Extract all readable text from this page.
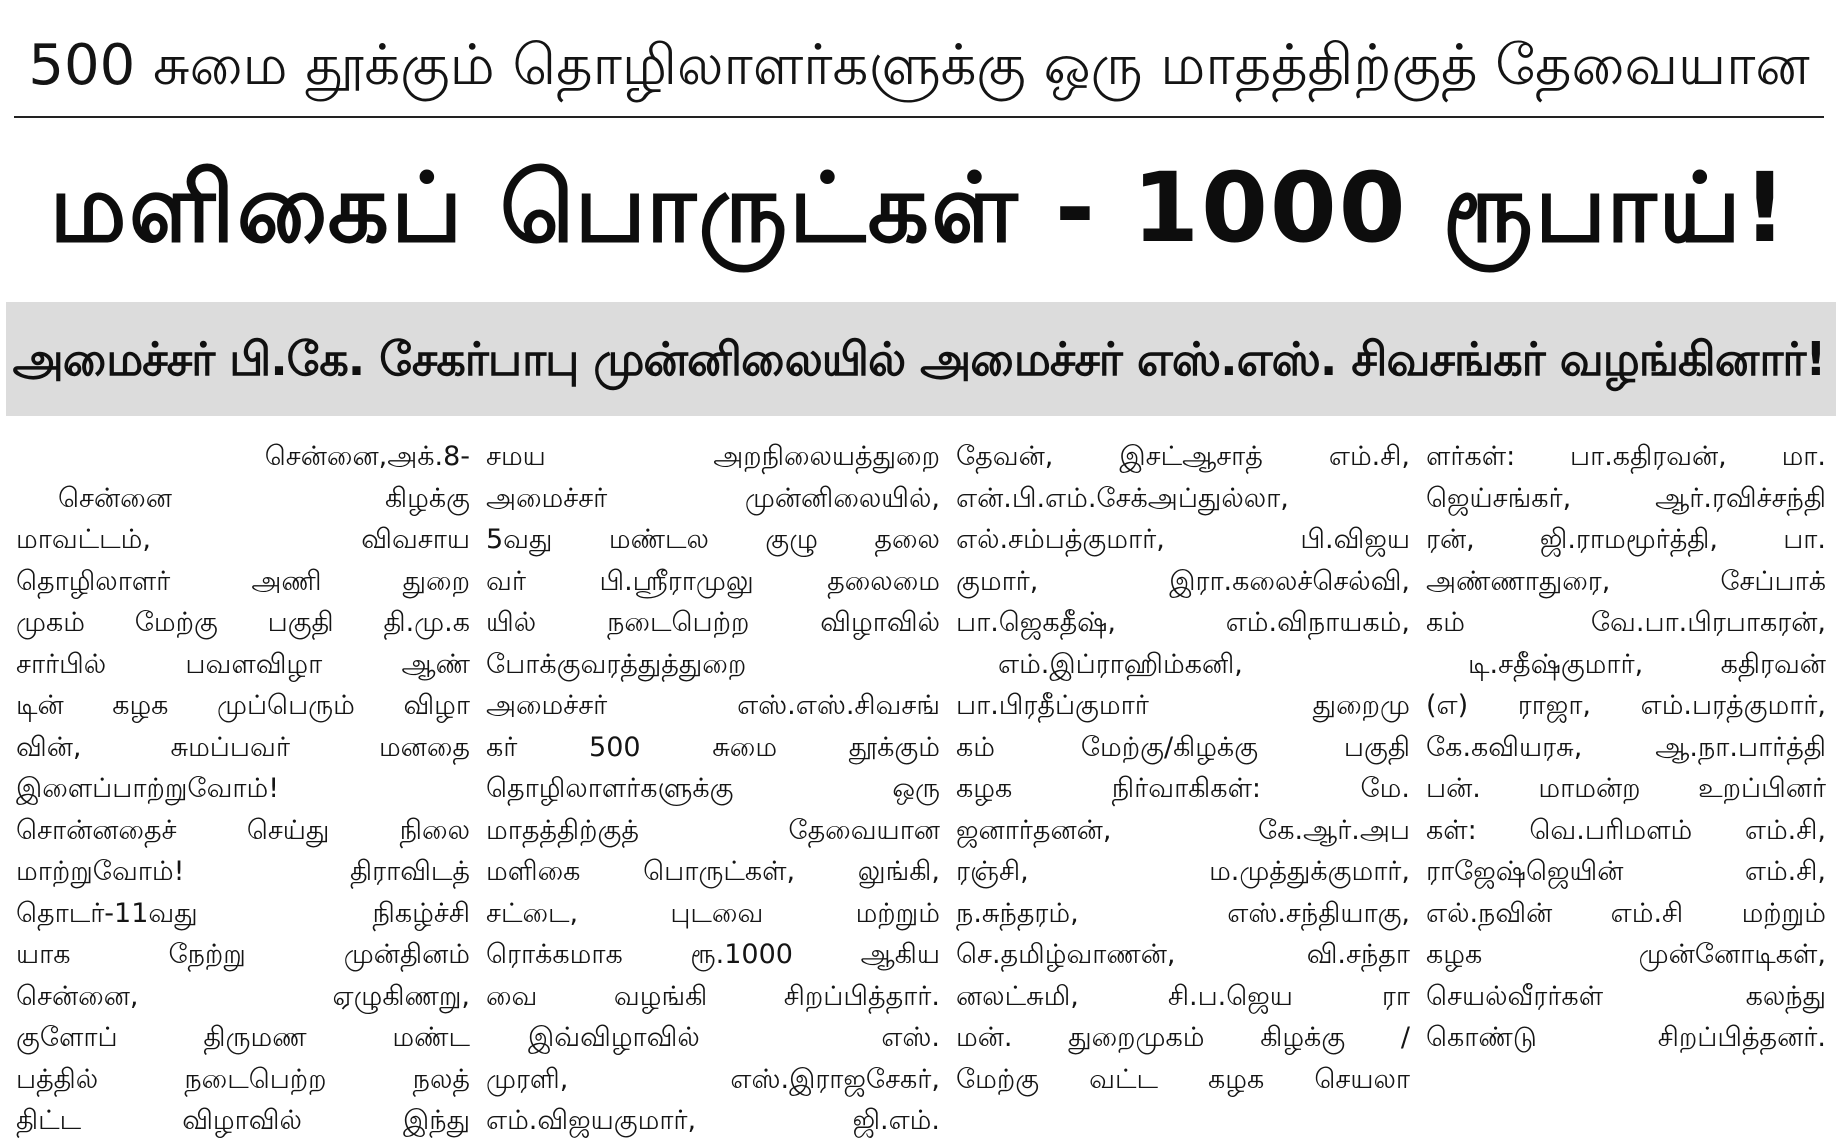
500 சுமை தூக்கும் தொழிலாளர்களுக்கு ஒரு மாதத்திற்குத் தேவையான
மளிகைப் பொருட்கள் - 1000 ரூபாய்!
அமைச்சர் பி.கே. சேகர்பாபு முன்னிலையில் அமைச்சர் எஸ்.எஸ். சிவசங்கர் வழங்கினார்!
சென்னை,அக்.8-
சென்னை	கிழக்கு
மாவட்டம்,	விவசாய
தொழிலாளர்	அணி	துறை
முகம் மேற்கு பகுதி தி.மு.க
சார்பில்	பவளவிழா	ஆண்
டின் கழக முப்பெரும் விழா
வின்,	சுமப்பவர்	மனதை
இளைப்பாற்றுவோம்!
சொன்னதைச்	செய்து	நிலை
மாற்றுவோம்!	திராவிடத்
தொடர்-11வது	நிகழ்ச்சி
யாக	நேற்று	முன்தினம்
சென்னை,	ஏழுகிணறு,
குளோப்	திருமண	மண்ட
பத்தில்	நடைபெற்ற	நலத்
திட்ட	விழாவில்	இந்து
சமய	அறநிலையத்துறை
அமைச்சர்	முன்னிலையில்,
5வது மண்டல குழு தலை
வர்	பி.ஸ்ரீராமுலு	தலைமை
யில்	நடைபெற்ற	விழாவில்
போக்குவரத்துத்துறை
அமைச்சர்	எஸ்.எஸ்.சிவசங்
கர்	500	சுமை	தூக்கும்
தொழிலாளர்களுக்கு	ஒரு
மாதத்திற்குத்	தேவையான
மளிகை பொருட்கள், லுங்கி,
சட்டை,	புடவை	மற்றும்
ரொக்கமாக	ரூ.1000	ஆகிய
வை	வழங்கி	சிறப்பித்தார்.
இவ்விழாவில்	எஸ்.
முரளி,	எஸ்.இராஜசேகர்,
எம்.விஜயகுமார்,	ஜி.எம்.
தேவன், இசட்ஆசாத் எம்.சி,
என்.பி.எம்.சேக்அப்துல்லா,
எல்.சம்பத்குமார்,	பி.விஜய
குமார்,	இரா.கலைச்செல்வி,
பா.ஜெகதீஷ்,	எம்.விநாயகம்,
எம்.இப்ராஹிம்கனி,
பா.பிரதீப்குமார்	துறைமு
கம்	மேற்கு/கிழக்கு	பகுதி
கழக	நிர்வாகிகள்:	மே.
ஜனார்தனன்,	கே.ஆர்.அப
ரஞ்சி,	ம.முத்துக்குமார்,
ந.சுந்தரம்,	எஸ்.சந்தியாகு,
செ.தமிழ்வாணன்,	வி.சந்தா
னலட்சுமி,	சி.ப.ஜெய	ரா
மன். துறைமுகம் கிழக்கு /
மேற்கு வட்ட கழக செயலா
ளர்கள்: பா.கதிரவன், மா.
ஜெய்சங்கர்,	ஆர்.ரவிச்சந்தி
ரன், ஜி.ராமமூர்த்தி, பா.
அண்ணாதுரை,	சேப்பாக்
கம்	வே.பா.பிரபாகரன்,
டி.சதீஷ்குமார்,	கதிரவன்
(எ) ராஜா, எம்.பரத்குமார்,
கே.கவியரசு,	ஆ.நா.பார்த்தி
பன். மாமன்ற உறப்பினர்
கள்: வெ.பரிமளம் எம்.சி,
ராஜேஷ்ஜெயின்	எம்.சி,
எல்.நவின் எம்.சி மற்றும்
கழக	முன்னோடிகள்,
செயல்வீரர்கள்	கலந்து
கொண்டு	சிறப்பித்தனர்.
